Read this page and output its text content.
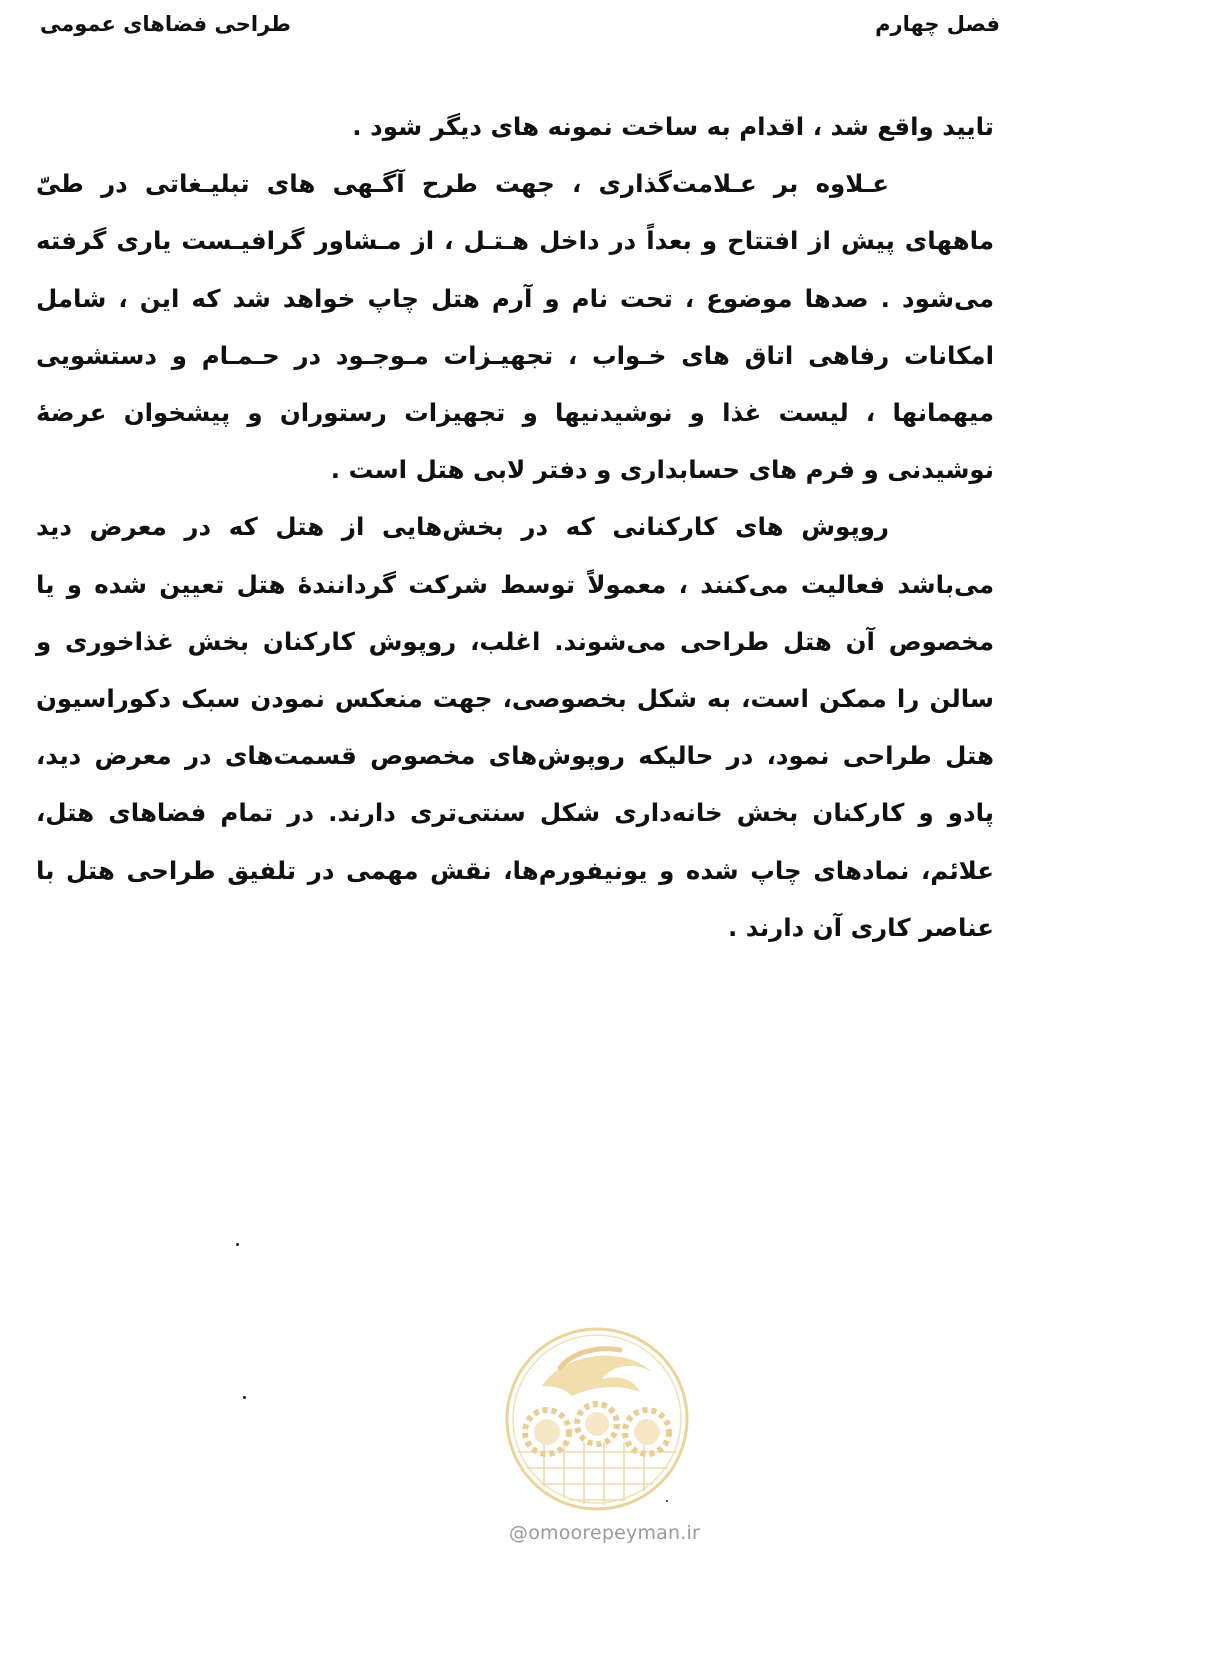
فصل چهارم
طراحی فضاهای عمومی

تایید واقع شد ، اقدام به ساخت نمونه های دیگر شود .

عـلاوه بر عـلامت‌گذاری ، جهت طرح آگـهی های تبلیـغاتی در طیّ ماههای پیش از افتتاح و بعداً در داخل هـتـل ، از مـشاور گرافیـست یاری گرفته می‌شود . صدها موضوع ، تحت نام و آرم هتل چاپ خواهد شد که این ، شامل امکانات رفاهی اتاق های خـواب ، تجهیـزات مـوجـود در حـمـام و دستشویی میهمانها ، لیست غذا و نوشیدنیها و تجهیزات رستوران و پیشخوان عرضهٔ نوشیدنی و فرم های حسابداری و دفتر لابی هتل است .

روپوش های کارکنانی که در بخش‌هایی از هتل که در معرض دید می‌باشد فعالیت می‌کنند ، معمولاً توسط شرکت گردانندهٔ هتل تعیین شده و یا مخصوص آن هتل طراحی می‌شوند. اغلب، روپوش کارکنان بخش غذاخوری و سالن را ممکن است، به شکل بخصوصی، جهت منعکس نمودن سبک دکوراسیون هتل طراحی نمود، در حالیکه روپوش‌های مخصوص قسمت‌های در معرض دید، پادو و کارکنان بخش خانه‌داری شکل سنتی‌تری دارند. در تمام فضاهای هتل، علائم، نمادهای چاپ شده و یونیفورم‌ها، نقش مهمی در تلفیق طراحی هتل با عناصر کاری آن دارند .

@omoorepeyman.ir
